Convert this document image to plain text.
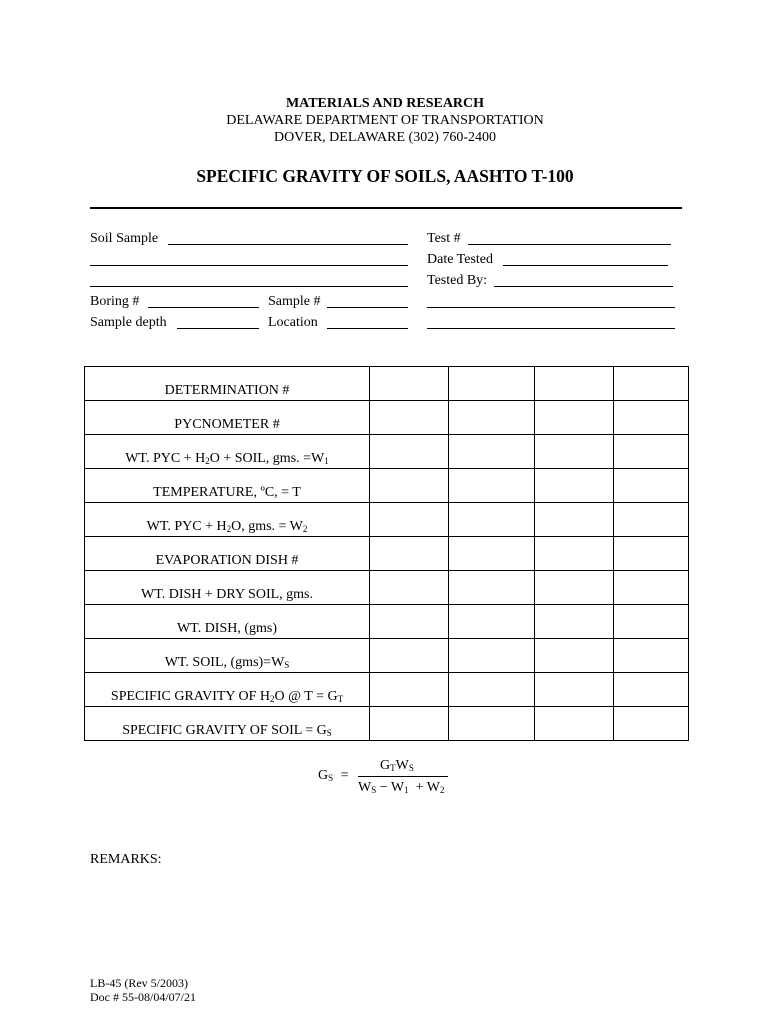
MATERIALS AND RESEARCH
DELAWARE DEPARTMENT OF TRANSPORTATION
DOVER, DELAWARE (302) 760-2400
SPECIFIC GRAVITY OF SOILS, AASHTO T-100
Soil Sample
Boring #	Sample #
Sample depth	Location
Test #
Date Tested
Tested By:
DETERMINATION #				

PYCNOMETER #				

WT. PYC + $H_2O$ + SOIL, gms. $=W_1$

TEMPERATURE, ºC, = T				

WT. PYC + $H_2O$, gms. = $W_2$

EVAPORATION DISH #				

WT. DISH + DRY SOIL, gms.				

WT. DISH, (gms)				

WT. SOIL, $(gms)=W_S$

SPECIFIC GRAVITY OF $H_2O$ @ $T = G_T$

SPECIFIC GRAVITY OF SOIL = $G_S$

$G_S$ =
$G_TW_S$
$W_S - W_1 + W_2$
REMARKS:
LB-45 (Rev 5/2003)
Doc # 55-08/04/07/21
